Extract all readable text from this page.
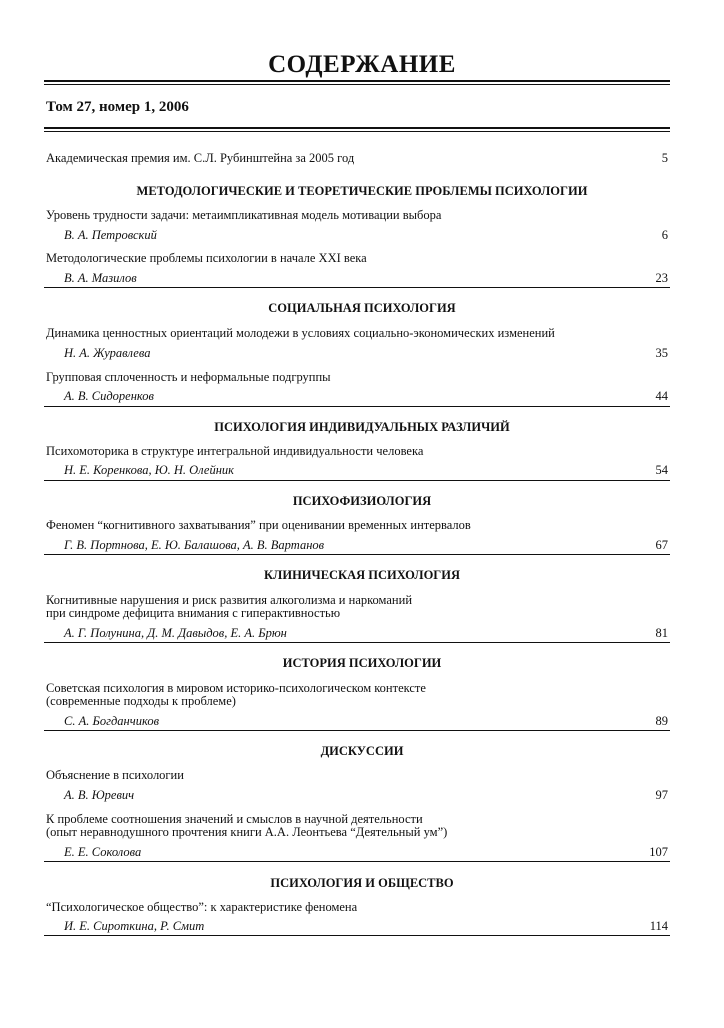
СОДЕРЖАНИЕ
Том 27, номер 1, 2006
Академическая премия им. С.Л. Рубинштейна за 2005 год	5
МЕТОДОЛОГИЧЕСКИЕ И ТЕОРЕТИЧЕСКИЕ ПРОБЛЕМЫ ПСИХОЛОГИИ
Уровень трудности задачи: метаимпликативная модель мотивации выбора
В. А. Петровский	6
Методологические проблемы психологии в начале XXI века
В. А. Мазилов	23
СОЦИАЛЬНАЯ ПСИХОЛОГИЯ
Динамика ценностных ориентаций молодежи в условиях социально-экономических изменений
Н. А. Журавлева	35
Групповая сплоченность и неформальные подгруппы
А. В. Сидоренков	44
ПСИХОЛОГИЯ ИНДИВИДУАЛЬНЫХ РАЗЛИЧИЙ
Психомоторика в структуре интегральной индивидуальности человека
Н. Е. Коренкова, Ю. Н. Олейник	54
ПСИХОФИЗИОЛОГИЯ
Феномен “когнитивного захватывания” при оценивании временных интервалов
Г. В. Портнова, Е. Ю. Балашова, А. В. Вартанов	67
КЛИНИЧЕСКАЯ ПСИХОЛОГИЯ
Когнитивные нарушения и риск развития алкоголизма и наркоманий
при синдроме дефицита внимания с гиперактивностью
А. Г. Полунина, Д. М. Давыдов, Е. А. Брюн	81
ИСТОРИЯ ПСИХОЛОГИИ
Советская психология в мировом историко-психологическом контексте
(современные подходы к проблеме)
С. А. Богданчиков	89
ДИСКУССИИ
Объяснение в психологии
А. В. Юревич	97
К проблеме соотношения значений и смыслов в научной деятельности
(опыт неравнодушного прочтения книги А.А. Леонтьева “Деятельный ум”)
Е. Е. Соколова	107
ПСИХОЛОГИЯ И ОБЩЕСТВО
“Психологическое общество”: к характеристике феномена
И. Е. Сироткина, Р. Смит	114
